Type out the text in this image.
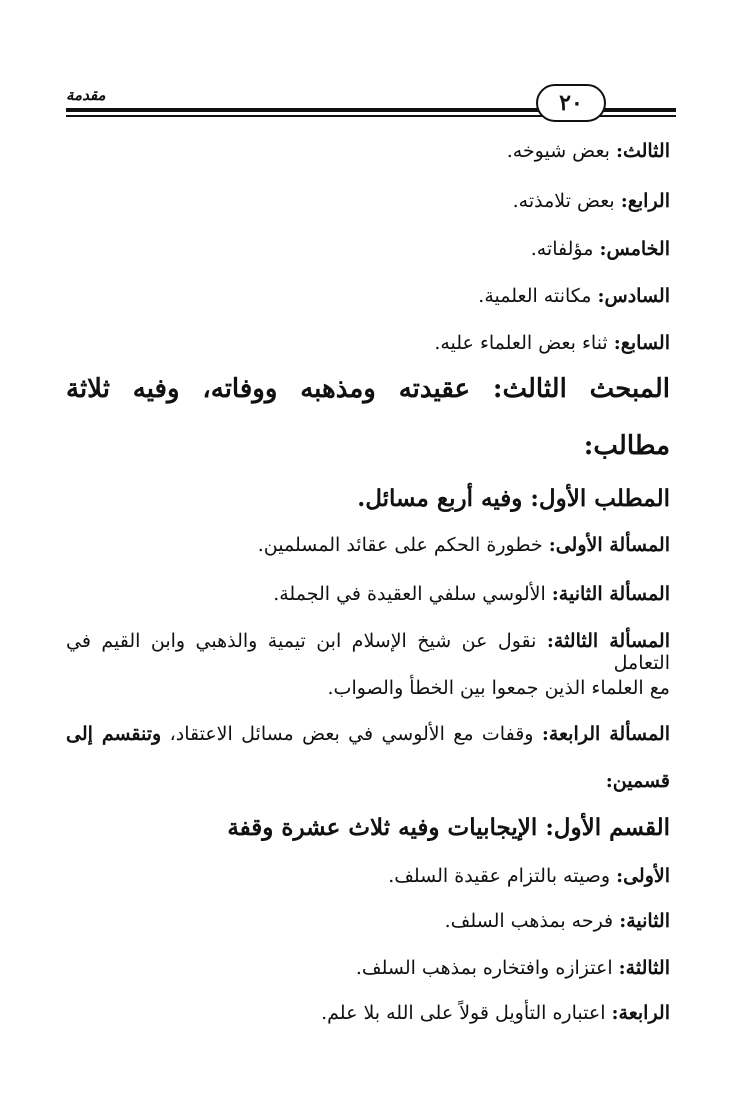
مقدمة	٢٠
الثالث: بعض شيوخه.
الرابع: بعض تلامذته.
الخامس: مؤلفاته.
السادس: مكانته العلمية.
السابع: ثناء بعض العلماء عليه.
المبحث الثالث: عقيدته ومذهبه ووفاته، وفيه ثلاثة
مطالب:
المطلب الأول: وفيه أربع مسائل.
المسألة الأولى: خطورة الحكم على عقائد المسلمين.
المسألة الثانية: الألوسي سلفي العقيدة في الجملة.
المسألة الثالثة: نقول عن شيخ الإسلام ابن تيمية والذهبي وابن القيم في التعامل
مع العلماء الذين جمعوا بين الخطأ والصواب.
المسألة الرابعة: وقفات مع الألوسي في بعض مسائل الاعتقاد، وتنقسم إلى
قسمين:
القسم الأول: الإيجابيات وفيه ثلاث عشرة وقفة
الأولى: وصيته بالتزام عقيدة السلف.
الثانية: فرحه بمذهب السلف.
الثالثة: اعتزازه وافتخاره بمذهب السلف.
الرابعة: اعتباره التأويل قولاً على الله بلا علم.
